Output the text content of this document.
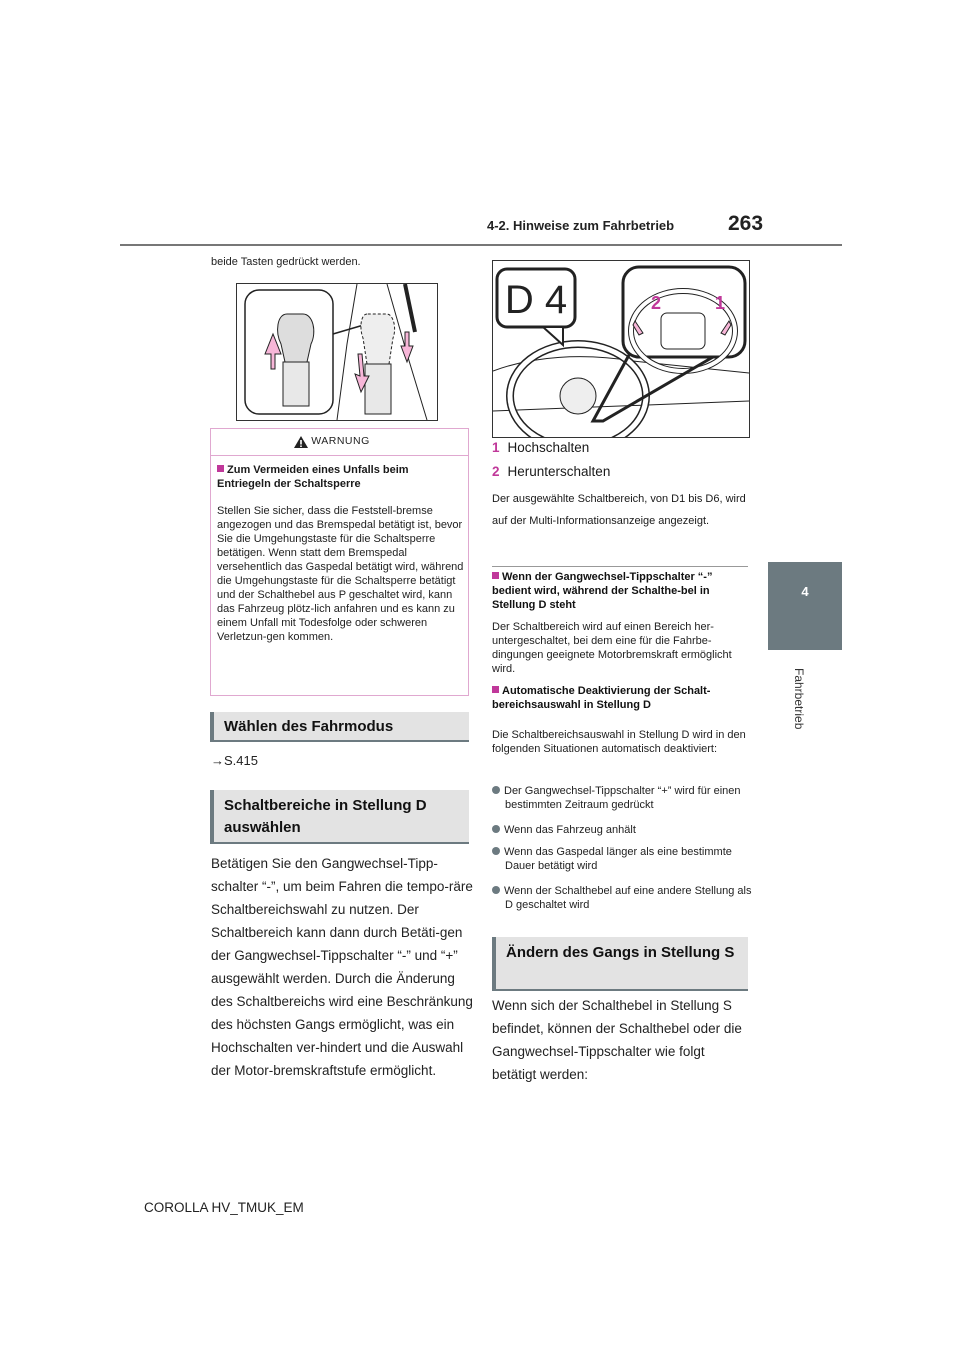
263
4-2. Hinweise zum Fahrbetrieb
4
Fahrbetrieb
beide Tasten gedrückt werden.
WARNUNG
Zum Vermeiden eines Unfalls beim Entriegeln der Schaltsperre
Stellen Sie sicher, dass die Feststell-bremse angezogen und das Bremspedal betätigt ist, bevor Sie die Umgehungstaste für die Schaltsperre betätigen. Wenn statt dem Bremspedal versehentlich das Gaspedal betätigt wird, während die Umgehungstaste für die Schaltsperre betätigt und der Schalthebel aus P geschaltet wird, kann das Fahrzeug plötz-lich anfahren und es kann zu einem Unfall mit Todesfolge oder schweren Verletzun-gen kommen.
Wählen des Fahrmodus
→S.415
Schaltbereiche in Stellung D auswählen
Betätigen Sie den Gangwechsel-Tipp-schalter “-”, um beim Fahren die tempo-räre Schaltbereichswahl zu nutzen. Der Schaltbereich kann dann durch Betäti-gen der Gangwechsel-Tippschalter “-” und “+” ausgewählt werden. Durch die Änderung des Schaltbereichs wird eine Beschränkung des höchsten Gangs ermöglicht, was ein Hochschalten ver-hindert und die Auswahl der Motor-bremskraftstufe ermöglicht.
D 4	2	1
1 Hochschalten
2 Herunterschalten
Der ausgewählte Schaltbereich, von D1 bis D6, wird auf der Multi-Informationsanzeige angezeigt.
Wenn der Gangwechsel-Tippschalter “-” bedient wird, während der Schalthe-bel in Stellung D steht
Der Schaltbereich wird auf einen Bereich her-untergeschaltet, bei dem eine für die Fahrbe-dingungen geeignete Motorbremskraft ermöglicht wird.
Automatische Deaktivierung der Schalt-bereichsauswahl in Stellung D
Die Schaltbereichsauswahl in Stellung D wird in den folgenden Situationen automatisch deaktiviert:
Der Gangwechsel-Tippschalter “+” wird für einen bestimmten Zeitraum gedrückt
Wenn das Fahrzeug anhält
Wenn das Gaspedal länger als eine bestimmte Dauer betätigt wird
Wenn der Schalthebel auf eine andere Stellung als D geschaltet wird
Ändern des Gangs in Stellung S
Wenn sich der Schalthebel in Stellung S befindet, können der Schalthebel oder die Gangwechsel-Tippschalter wie folgt betätigt werden:
COROLLA HV_TMUK_EM
